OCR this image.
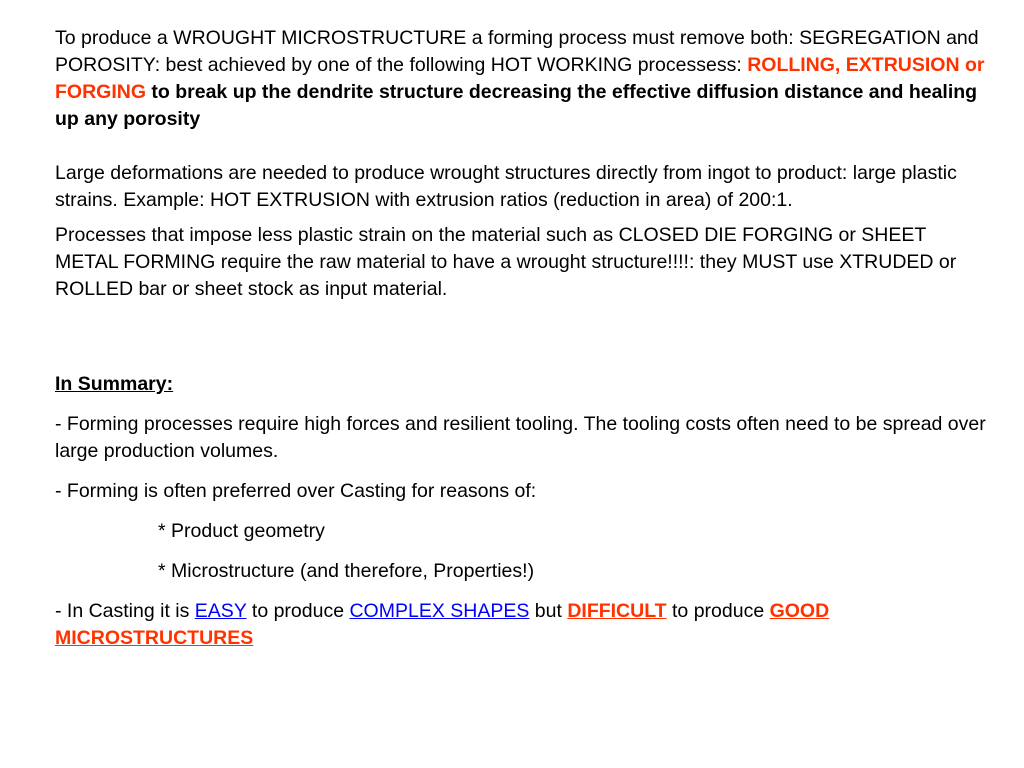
To produce a WROUGHT MICROSTRUCTURE a forming process must remove both: SEGREGATION and POROSITY: best achieved by one of the following HOT WORKING processess: ROLLING, EXTRUSION or FORGING to break up the dendrite structure decreasing the effective diffusion distance and healing up any porosity

Large deformations are needed to produce wrought structures directly from ingot to product: large plastic strains. Example: HOT EXTRUSION with extrusion ratios (reduction in area) of 200:1.

Processes that impose less plastic strain on the material such as CLOSED DIE FORGING or SHEET METAL FORMING require the raw material to have a wrought structure!!!!: they MUST use XTRUDED or ROLLED bar or sheet stock as input material.

In Summary:

- Forming processes require high forces and resilient tooling. The tooling costs often need to be spread over large production volumes.

- Forming is often preferred over Casting for reasons of:

* Product geometry

* Microstructure (and therefore, Properties!)

- In Casting it is EASY to produce COMPLEX SHAPES but DIFFICULT to produce GOOD MICROSTRUCTURES
